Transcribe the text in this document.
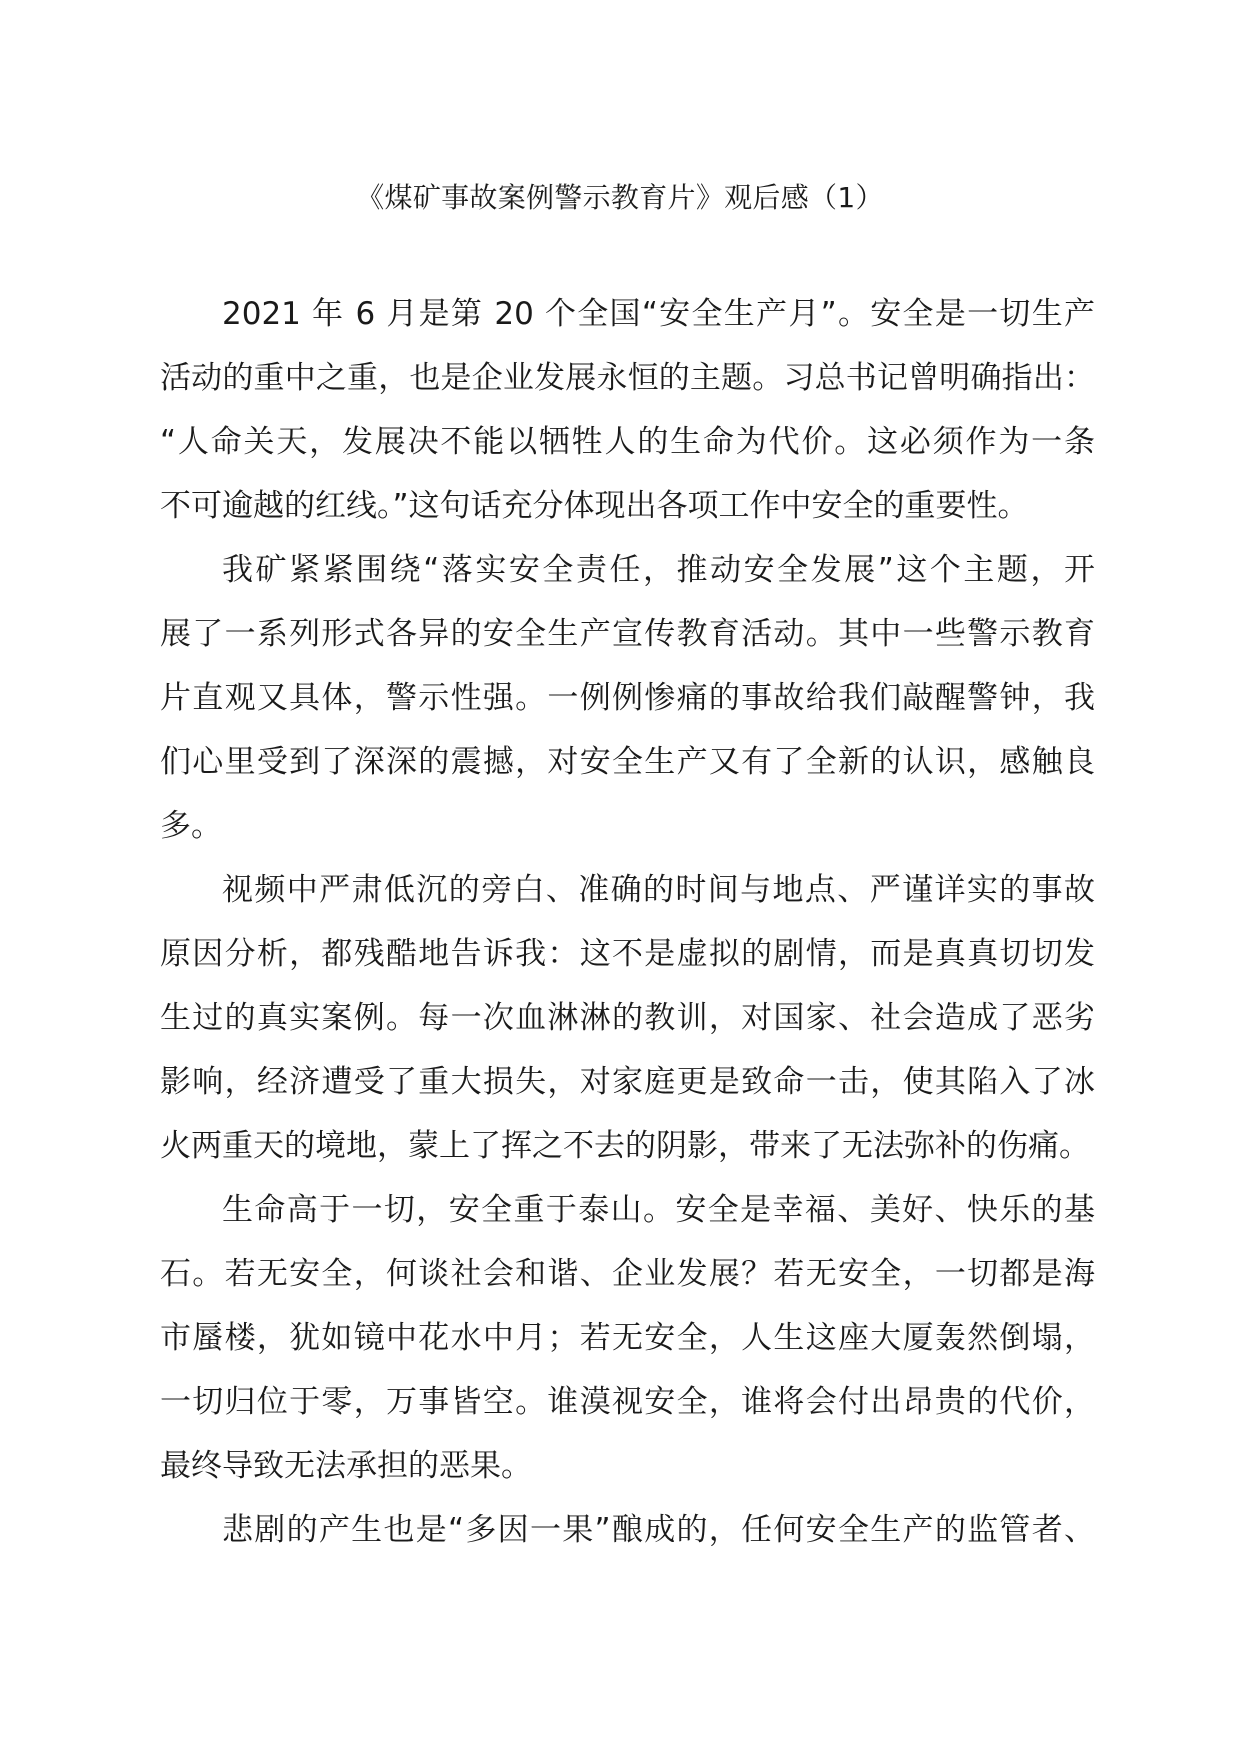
《煤矿事故案例警示教育片》观后感（1）
2021 年 6 月是第 20 个全国“安全生产月”。安全是一切生产
活动的重中之重，也是企业发展永恒的主题。习总书记曾明确指出：
“人命关天，发展决不能以牺牲人的生命为代价。这必须作为一条
不可逾越的红线。”这句话充分体现出各项工作中安全的重要性。
我矿紧紧围绕“落实安全责任，推动安全发展”这个主题，开
展了一系列形式各异的安全生产宣传教育活动。其中一些警示教育
片直观又具体，警示性强。一例例惨痛的事故给我们敲醒警钟，我
们心里受到了深深的震撼，对安全生产又有了全新的认识，感触良
多。
视频中严肃低沉的旁白、准确的时间与地点、严谨详实的事故
原因分析，都残酷地告诉我：这不是虚拟的剧情，而是真真切切发
生过的真实案例。每一次血淋淋的教训，对国家、社会造成了恶劣
影响，经济遭受了重大损失，对家庭更是致命一击，使其陷入了冰
火两重天的境地，蒙上了挥之不去的阴影，带来了无法弥补的伤痛。
生命高于一切，安全重于泰山。安全是幸福、美好、快乐的基
石。若无安全，何谈社会和谐、企业发展？若无安全，一切都是海
市蜃楼，犹如镜中花水中月；若无安全，人生这座大厦轰然倒塌，
一切归位于零，万事皆空。谁漠视安全，谁将会付出昂贵的代价，
最终导致无法承担的恶果。
悲剧的产生也是“多因一果”酿成的，任何安全生产的监管者、
